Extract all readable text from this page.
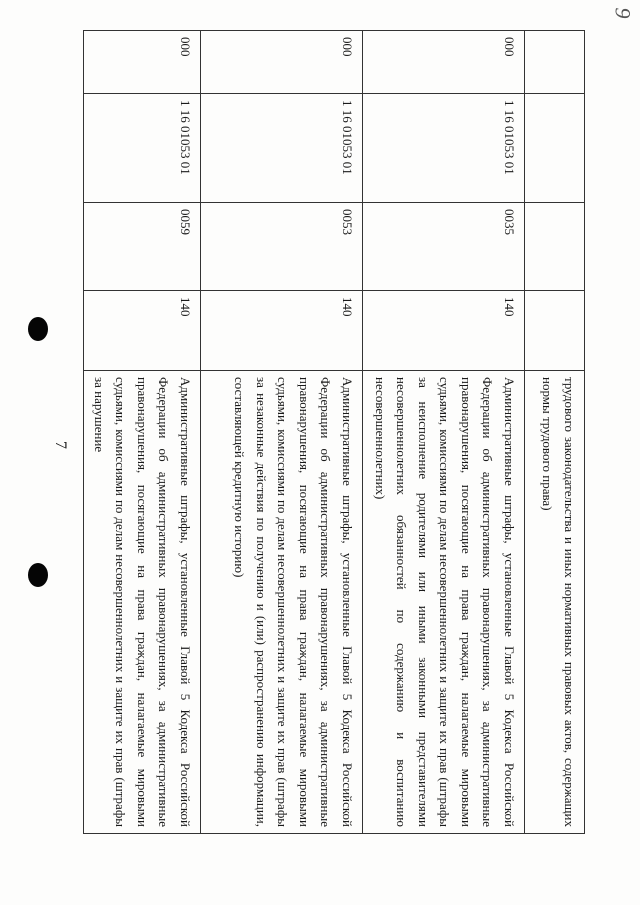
9
7
					трудового законодательства и иных нормативных правовых актов, содержащих нормы трудового права)
000	1 16 01053 01	0035	140	Административные штрафы, установленные Главой 5 Кодекса Российской Федерации об административных правонарушениях, за административные правонарушения, посягающие на права граждан, налагаемые мировыми судьями, комиссиями по делам несовершеннолетних и защите их прав (штрафы за неисполнение родителями или иными законными представителями несовершеннолетних обязанностей по содержанию и воспитанию несовершеннолетних)
000	1 16 01053 01	0053	140	Административные штрафы, установленные Главой 5 Кодекса Российской Федерации об административных правонарушениях, за административные правонарушения, посягающие на права граждан, налагаемые мировыми судьями, комиссиями по делам несовершеннолетних и защите их прав (штрафы за незаконные действия по получению и (или) распространению информации, составляющей кредитную историю)
000	1 16 01053 01	0059	140	Административные штрафы, установленные Главой 5 Кодекса Российской Федерации об административных правонарушениях, за административные правонарушения, посягающие на права граждан, налагаемые мировыми судьями, комиссиями по делам несовершеннолетних и защите их прав (штрафы за нарушение
